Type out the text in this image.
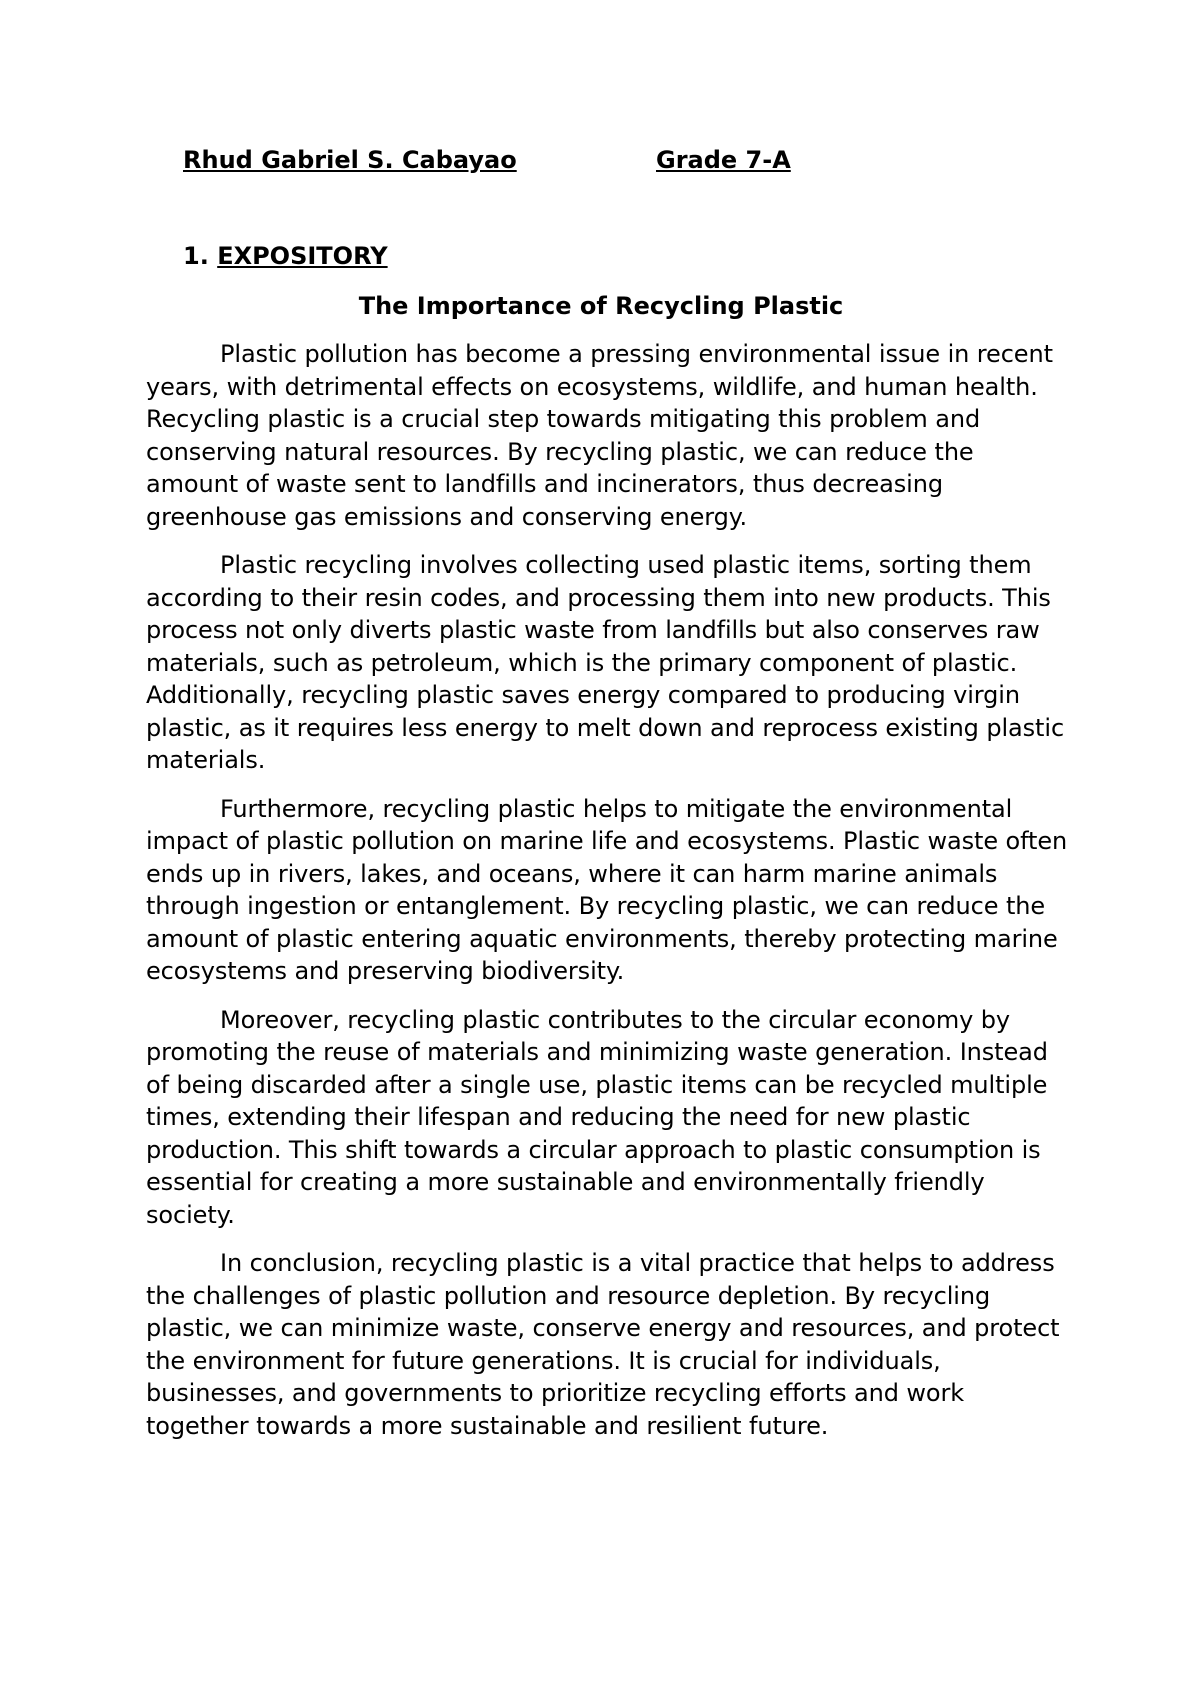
Rhud Gabriel S. Cabayao	Grade 7-A
1. EXPOSITORY
The Importance of Recycling Plastic

Plastic pollution has become a pressing environmental issue in recent years, with detrimental effects on ecosystems, wildlife, and human health. Recycling plastic is a crucial step towards mitigating this problem and conserving natural resources. By recycling plastic, we can reduce the amount of waste sent to landfills and incinerators, thus decreasing greenhouse gas emissions and conserving energy.

Plastic recycling involves collecting used plastic items, sorting them according to their resin codes, and processing them into new products. This process not only diverts plastic waste from landfills but also conserves raw materials, such as petroleum, which is the primary component of plastic. Additionally, recycling plastic saves energy compared to producing virgin plastic, as it requires less energy to melt down and reprocess existing plastic materials.

Furthermore, recycling plastic helps to mitigate the environmental impact of plastic pollution on marine life and ecosystems. Plastic waste often ends up in rivers, lakes, and oceans, where it can harm marine animals through ingestion or entanglement. By recycling plastic, we can reduce the amount of plastic entering aquatic environments, thereby protecting marine ecosystems and preserving biodiversity.

Moreover, recycling plastic contributes to the circular economy by promoting the reuse of materials and minimizing waste generation. Instead of being discarded after a single use, plastic items can be recycled multiple times, extending their lifespan and reducing the need for new plastic production. This shift towards a circular approach to plastic consumption is essential for creating a more sustainable and environmentally friendly society.

In conclusion, recycling plastic is a vital practice that helps to address the challenges of plastic pollution and resource depletion. By recycling plastic, we can minimize waste, conserve energy and resources, and protect the environment for future generations. It is crucial for individuals, businesses, and governments to prioritize recycling efforts and work together towards a more sustainable and resilient future.
